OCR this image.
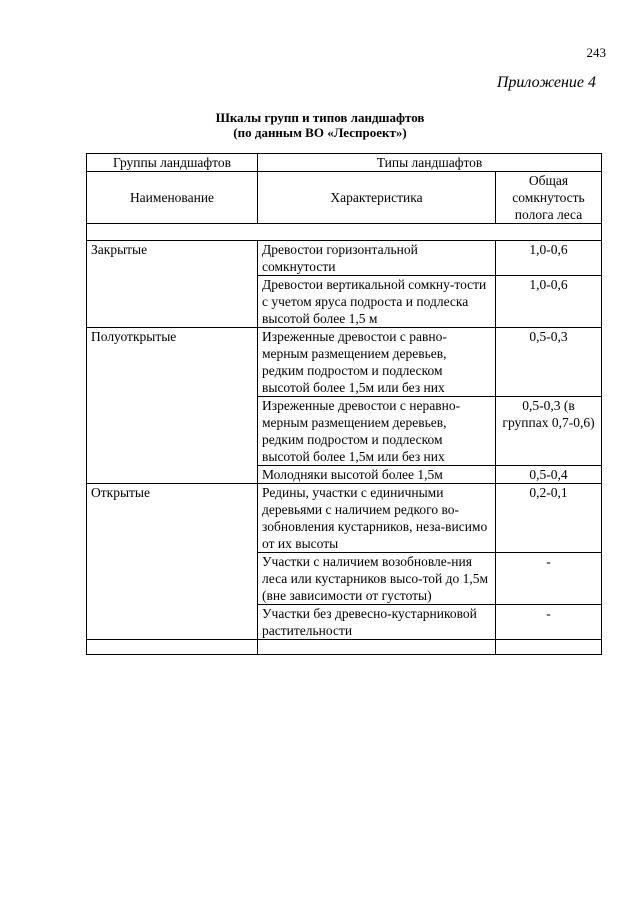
243
Приложение 4
Шкалы групп и типов ландшафтов
(по данным ВО «Леспроект»)
Группы ландшафтов	Типы ландшафтов	
Наименование	Характеристика	Общая сомкнутость полога леса

Закрытые	Древостои горизонтальной сомкнутости	1,0-0,6
	Древостои вертикальной сомкну-тости с учетом яруса подроста и подлеска высотой более 1,5 м	1,0-0,6
Полуоткрытые	Изреженные древостои с равно-мерным размещением деревьев, редким подростом и подлеском высотой более 1,5м или без них	0,5-0,3
	Изреженные древостои с неравно-мерным размещением деревьев, редким подростом и подлеском высотой более 1,5м или без них	0,5-0,3 (в группах 0,7-0,6)
	Молодняки высотой более 1,5м	0,5-0,4
Открытые	Редины, участки с единичными деревьями с наличием редкого во-зобновления кустарников, неза-висимо от их высоты	0,2-0,1
	Участки с наличием возобновле-ния леса или кустарников высо-той до 1,5м (вне зависимости от густоты)	-
	Участки без древесно-кустарниковой растительности	-
